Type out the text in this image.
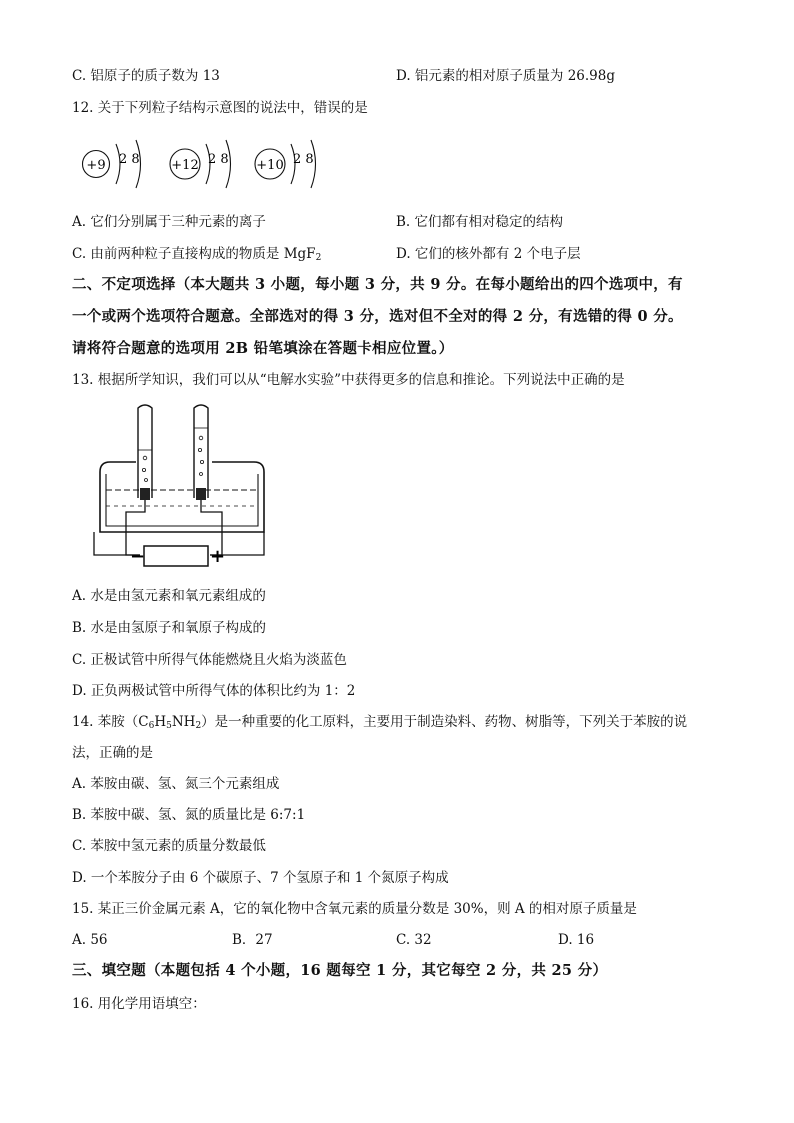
C. 铝原子的质子数为 13	D. 铝元素的相对原子质量为 26.98g
12. 关于下列粒子结构示意图的说法中，错误的是
+9 2 8 +12 2 8 +10 2 8
A. 它们分别属于三种元素的离子	B. 它们都有相对稳定的结构
C. 由前两种粒子直接构成的物质是 MgF$_2$	D. 它们的核外都有 2 个电子层
二、不定项选择（本大题共 3 小题，每小题 3 分，共 9 分。在每小题给出的四个选项中，有
一个或两个选项符合题意。全部选对的得 3 分，选对但不全对的得 2 分，有选错的得 0 分。
请将符合题意的选项用 2B 铅笔填涂在答题卡相应位置。）
13. 根据所学知识，我们可以从“电解水实验”中获得更多的信息和推论。下列说法中正确的是
−	+
A. 水是由氢元素和氧元素组成的
B. 水是由氢原子和氧原子构成的
C. 正极试管中所得气体能燃烧且火焰为淡蓝色
D. 正负两极试管中所得气体的体积比约为 1：2
14. 苯胺$(C_6H_5NH_2)$是一种重要的化工原料，主要用于制造染料、药物、树脂等，下列关于苯胺的说
法，正确的是
A. 苯胺由碳、氢、氮三个元素组成
B. 苯胺中碳、氢、氮的质量比是 6:7:1
C. 苯胺中氢元素的质量分数最低
D. 一个苯胺分子由 6 个碳原子、7 个氢原子和 1 个氮原子构成
15. 某正三价金属元素 A，它的氧化物中含氧元素的质量分数是 30%，则 A 的相对原子质量是
A. 56	B．27	C. 32	D. 16
三、填空题（本题包括 4 个小题，16 题每空 1 分，其它每空 2 分，共 25 分）
16. 用化学用语填空：
